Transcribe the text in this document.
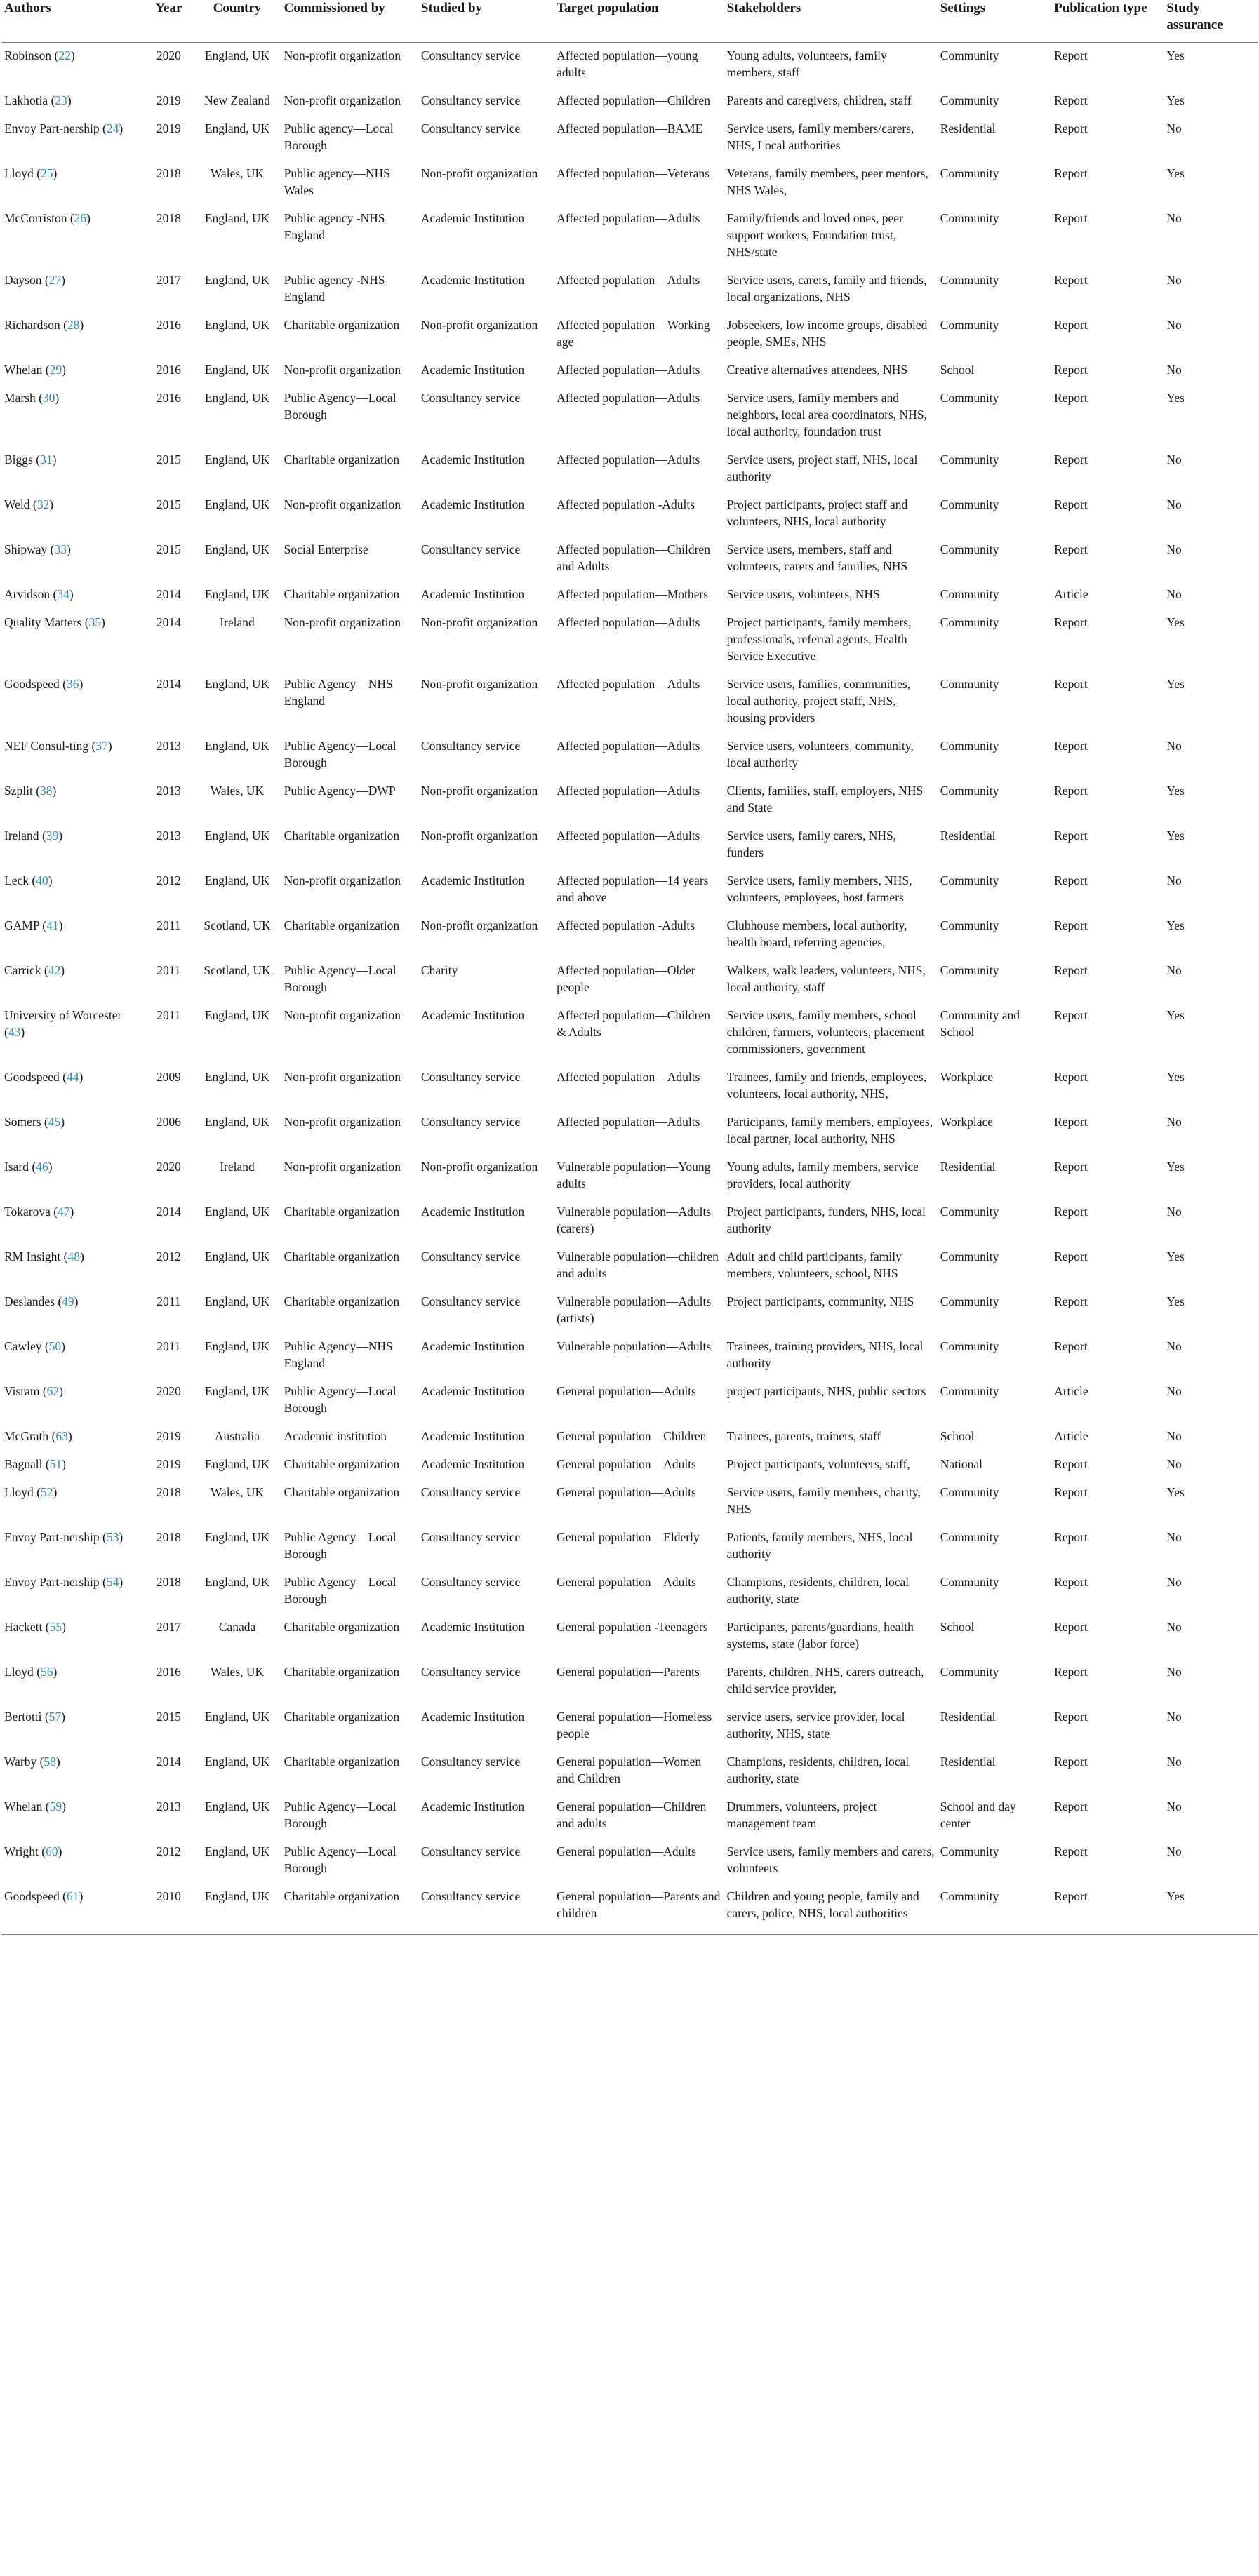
Authors	Year	Country	Commissioned by	Studied by	Target population	Stakeholders	Settings	Publication type	Study assurance
Robinson (22)	2020	England, UK	Non-profit organization	Consultancy service	Affected population—young adults	Young adults, volunteers, family members, staff	Community	Report	Yes
Lakhotia (23)	2019	New Zealand	Non-profit organization	Consultancy service	Affected population—Children	Parents and caregivers, children, staff	Community	Report	Yes
Envoy Part-nership (24)	2019	England, UK	Public agency—Local Borough	Consultancy service	Affected population—BAME	Service users, family members/carers, NHS, Local authorities	Residential	Report	No
Lloyd (25)	2018	Wales, UK	Public agency—NHS Wales	Non-profit organization	Affected population—Veterans	Veterans, family members, peer mentors, NHS Wales,	Community	Report	Yes
McCorriston (26)	2018	England, UK	Public agency -NHS England	Academic Institution	Affected population—Adults	Family/friends and loved ones, peer support workers, Foundation trust, NHS/state	Community	Report	No
Dayson (27)	2017	England, UK	Public agency -NHS England	Academic Institution	Affected population—Adults	Service users, carers, family and friends, local organizations, NHS	Community	Report	No
Richardson (28)	2016	England, UK	Charitable organization	Non-profit organization	Affected population—Working age	Jobseekers, low income groups, disabled people, SMEs, NHS	Community	Report	No
Whelan (29)	2016	England, UK	Non-profit organization	Academic Institution	Affected population—Adults	Creative alternatives attendees, NHS	School	Report	No
Marsh (30)	2016	England, UK	Public Agency—Local Borough	Consultancy service	Affected population—Adults	Service users, family members and neighbors, local area coordinators, NHS, local authority, foundation trust	Community	Report	Yes
Biggs (31)	2015	England, UK	Charitable organization	Academic Institution	Affected population—Adults	Service users, project staff, NHS, local authority	Community	Report	No
Weld (32)	2015	England, UK	Non-profit organization	Academic Institution	Affected population -Adults	Project participants, project staff and volunteers, NHS, local authority	Community	Report	No
Shipway (33)	2015	England, UK	Social Enterprise	Consultancy service	Affected population—Children and Adults	Service users, members, staff and volunteers, carers and families, NHS	Community	Report	No
Arvidson (34)	2014	England, UK	Charitable organization	Academic Institution	Affected population—Mothers	Service users, volunteers, NHS	Community	Article	No
Quality Matters (35)	2014	Ireland	Non-profit organization	Non-profit organization	Affected population—Adults	Project participants, family members, professionals, referral agents, Health Service Executive	Community	Report	Yes
Goodspeed (36)	2014	England, UK	Public Agency—NHS England	Non-profit organization	Affected population—Adults	Service users, families, communities, local authority, project staff, NHS, housing providers	Community	Report	Yes
NEF Consul-ting (37)	2013	England, UK	Public Agency—Local Borough	Consultancy service	Affected population—Adults	Service users, volunteers, community, local authority	Community	Report	No
Szplit (38)	2013	Wales, UK	Public Agency—DWP	Non-profit organization	Affected population—Adults	Clients, families, staff, employers, NHS and State	Community	Report	Yes
Ireland (39)	2013	England, UK	Charitable organization	Non-profit organization	Affected population—Adults	Service users, family carers, NHS, funders	Residential	Report	Yes
Leck (40)	2012	England, UK	Non-profit organization	Academic Institution	Affected population—14 years and above	Service users, family members, NHS, volunteers, employees, host farmers	Community	Report	No
GAMP (41)	2011	Scotland, UK	Charitable organization	Non-profit organization	Affected population -Adults	Clubhouse members, local authority, health board, referring agencies,	Community	Report	Yes
Carrick (42)	2011	Scotland, UK	Public Agency—Local Borough	Charity	Affected population—Older people	Walkers, walk leaders, volunteers, NHS, local authority, staff	Community	Report	No
University of Worcester (43)	2011	England, UK	Non-profit organization	Academic Institution	Affected population—Children & Adults	Service users, family members, school children, farmers, volunteers, placement commissioners, government	Community and School	Report	Yes
Goodspeed (44)	2009	England, UK	Non-profit organization	Consultancy service	Affected population—Adults	Trainees, family and friends, employees, volunteers, local authority, NHS,	Workplace	Report	Yes
Somers (45)	2006	England, UK	Non-profit organization	Consultancy service	Affected population—Adults	Participants, family members, employees, local partner, local authority, NHS	Workplace	Report	No
Isard (46)	2020	Ireland	Non-profit organization	Non-profit organization	Vulnerable population—Young adults	Young adults, family members, service providers, local authority	Residential	Report	Yes
Tokarova (47)	2014	England, UK	Charitable organization	Academic Institution	Vulnerable population—Adults (carers)	Project participants, funders, NHS, local authority	Community	Report	No
RM Insight (48)	2012	England, UK	Charitable organization	Consultancy service	Vulnerable population—children and adults	Adult and child participants, family members, volunteers, school, NHS	Community	Report	Yes
Deslandes (49)	2011	England, UK	Charitable organization	Consultancy service	Vulnerable population—Adults (artists)	Project participants, community, NHS	Community	Report	Yes
Cawley (50)	2011	England, UK	Public Agency—NHS England	Academic Institution	Vulnerable population—Adults	Trainees, training providers, NHS, local authority	Community	Report	No
Visram (62)	2020	England, UK	Public Agency—Local Borough	Academic Institution	General population—Adults	project participants, NHS, public sectors	Community	Article	No
McGrath (63)	2019	Australia	Academic institution	Academic Institution	General population—Children	Trainees, parents, trainers, staff	School	Article	No
Bagnall (51)	2019	England, UK	Charitable organization	Academic Institution	General population—Adults	Project participants, volunteers, staff,	National	Report	No
Lloyd (52)	2018	Wales, UK	Charitable organization	Consultancy service	General population—Adults	Service users, family members, charity, NHS	Community	Report	Yes
Envoy Part-nership (53)	2018	England, UK	Public Agency—Local Borough	Consultancy service	General population—Elderly	Patients, family members, NHS, local authority	Community	Report	No
Envoy Part-nership (54)	2018	England, UK	Public Agency—Local Borough	Consultancy service	General population—Adults	Champions, residents, children, local authority, state	Community	Report	No
Hackett (55)	2017	Canada	Charitable organization	Academic Institution	General population -Teenagers	Participants, parents/guardians, health systems, state (labor force)	School	Report	No
Lloyd (56)	2016	Wales, UK	Charitable organization	Consultancy service	General population—Parents	Parents, children, NHS, carers outreach, child service provider,	Community	Report	No
Bertotti (57)	2015	England, UK	Charitable organization	Academic Institution	General population—Homeless people	service users, service provider, local authority, NHS, state	Residential	Report	No
Warby (58)	2014	England, UK	Charitable organization	Consultancy service	General population—Women and Children	Champions, residents, children, local authority, state	Residential	Report	No
Whelan (59)	2013	England, UK	Public Agency—Local Borough	Academic Institution	General population—Children and adults	Drummers, volunteers, project management team	School and day center	Report	No
Wright (60)	2012	England, UK	Public Agency—Local Borough	Consultancy service	General population—Adults	Service users, family members and carers, volunteers	Community	Report	No
Goodspeed (61)	2010	England, UK	Charitable organization	Consultancy service	General population—Parents and children	Children and young people, family and carers, police, NHS, local authorities	Community	Report	Yes
